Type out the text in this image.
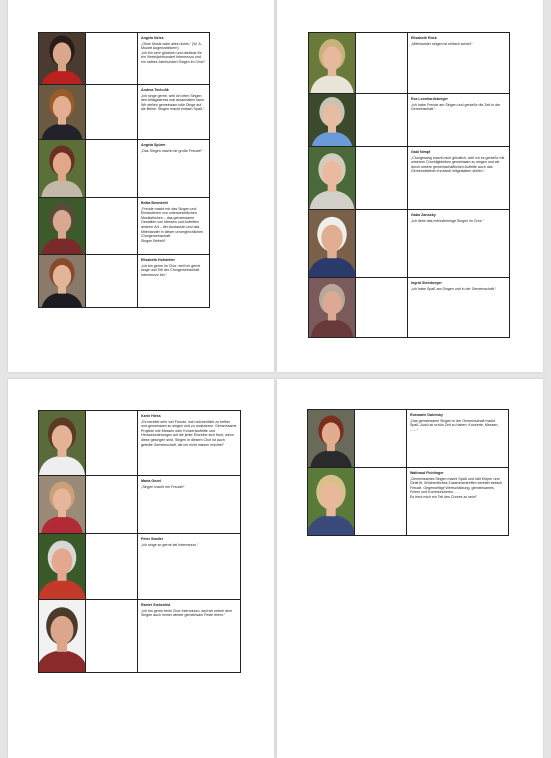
Angela Neiss
„Ohne Musik wäre alles nichts.“ (W. A. Mozart Augenzwinkern)
„Ich bin sehr glücklich und dankbar für ein Vierteljahrhundert Intermezzo und ein halbes Jahrhundert Singen im Chor!“
Andrea Tschulik
„Ich singe gerne, weil ich beim Singen den Alltagsstress mal ausschalten kann. Wir stellen gemeinsam tolle Dinge auf die Beine. Singen macht einfach Spaß.“
Angela Spürer
„Das Singen macht mir große Freude!“
Britta Benedetti
„Freude macht mir das Singen und Einstudieren von unterschiedlichen Musikstücken – das gemeinsame Gestalten von Messen und Auftritten anderer Art – der Austausch und das Miteinander in dieser unvergleichlichen Chorgemeinschaft.
Singen Befreit!“
Elisabeth Hofstetter
„Ich bin gerne im Chor, weil ich gerne singe und Teil der Chorgemeinschaft Intermezzo bin.“
Elisabeth Rück
„Miteinander singen ist einfach schön!“
Eva Leonhardsberger
„Ich habe Freude am Singen und genieße die Zeit in der Gemeinschaft.“
Gabi Nimpf
„Chorgesang macht mich glücklich, weil ich es genieße mit unserem Chorhilgbleiben gemeinsam zu singen und wir durch unsere gemeinschaftlichen Auftritte auch das Gemeindeleben freudvoll mitgestalten dürfen.“
Gabo Zanosky
„Ich liebe das mehrstimmige Singen im Chor.“
Ingrid Steinberger
„Ich habe Spaß am Singen und in der Gemeinschaft.“
Karin Hiess
„Es bereitet sehr viel Freude, sich wöchentlich zu treffen und gemeinsam zu singen und zu musizieren. Gemeinsame Projekte wie Messen oder Konzertauftritte und Herausforderungen auf die jeder Einzelne sich freut, wenn diese gelungen sind. Singen in diesem Chor ist auch geteilte Gemeinschaft, die ich nicht missen möchte!“
Maria Gezel
„Singen macht mir Freude!“
Peter Stadler
„Ich singe so gerne bei Intermezzo.“
Rainer Siebenlist
„Ich bin gerne beim Chor Intermezzo, weil wir neben dem Singen auch immer wieder gemeinsam Feste feiern.“
Rosmarie Dalevsky
„Das gemeinsame Singen in der Gemeinschaft macht Spaß. Auch ist schön Zeit zu haben: Konzerte, Messen, .......“
Waltraud Fichtinger
„Gemeinsames Singen macht Spaß und hält Körper und Geist fit. Wöchentliches Zusammentreffen bereitet einfach Freude. Gegenseitige Wertschätzung, gemeinsames Feiern und Kommunizieren…..
Es freut mich ein Teil des Chores zu sein!“
